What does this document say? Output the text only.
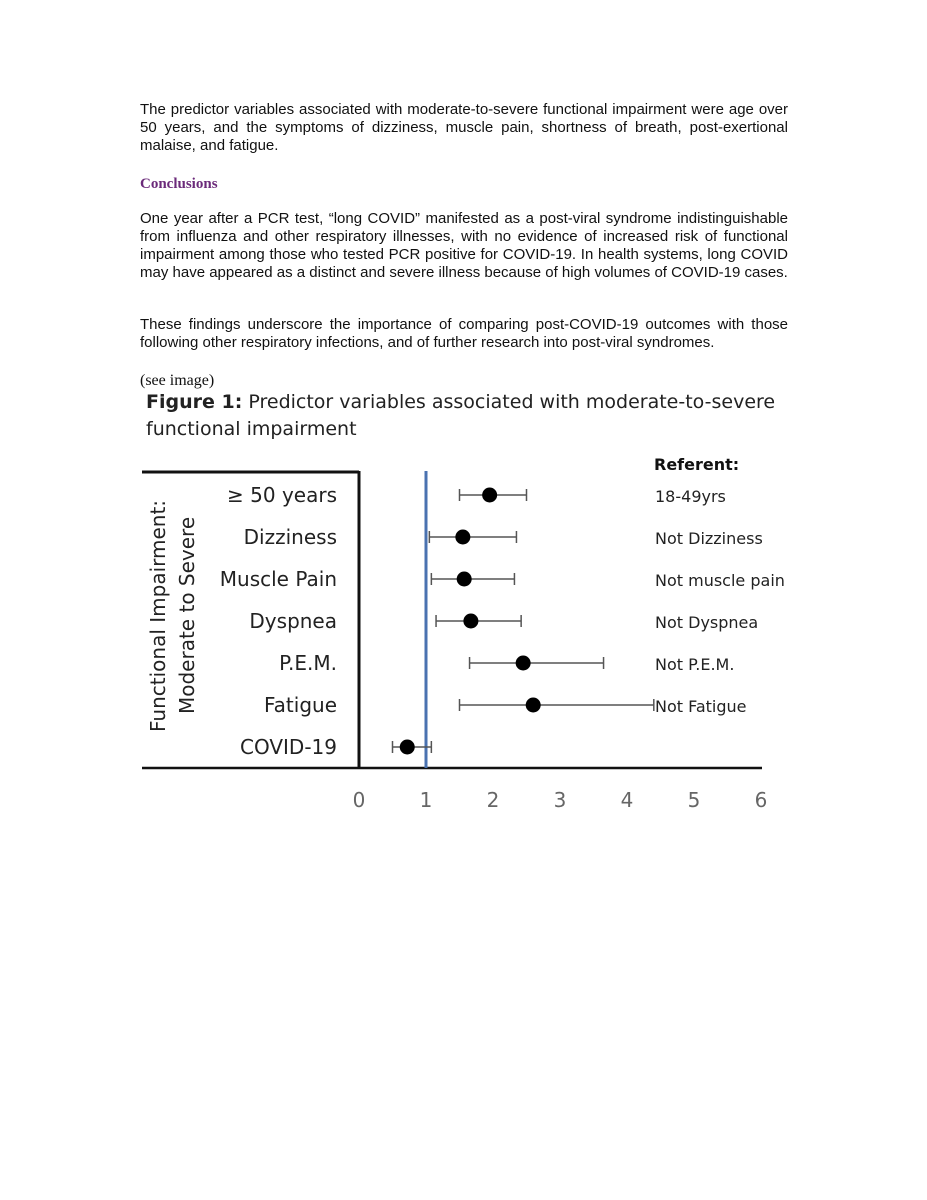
The predictor variables associated with moderate-to-severe functional impairment were age over 50 years, and the symptoms of dizziness, muscle pain, shortness of breath, post-exertional malaise, and fatigue.

Conclusions

One year after a PCR test, “long COVID” manifested as a post-viral syndrome indistinguishable from influenza and other respiratory illnesses, with no evidence of increased risk of functional impairment among those who tested PCR positive for COVID-19. In health systems, long COVID may have appeared as a distinct and severe illness because of high volumes of COVID-19 cases.

These findings underscore the importance of comparing post-COVID-19 outcomes with those following other respiratory infections, and of further research into post-viral syndromes.

(see image)

Figure 1: Predictor variables associated with moderate-to-severe functional impairment
Functional Impairment: Moderate to Severe
Referent:
≥ 50 years	18-49yrs
Dizziness	Not Dizziness
Muscle Pain	Not muscle pain
Dyspnea	Not Dyspnea
P.E.M.	Not P.E.M.
Fatigue	Not Fatigue
COVID-19
0	1	2	3	4	5	6
